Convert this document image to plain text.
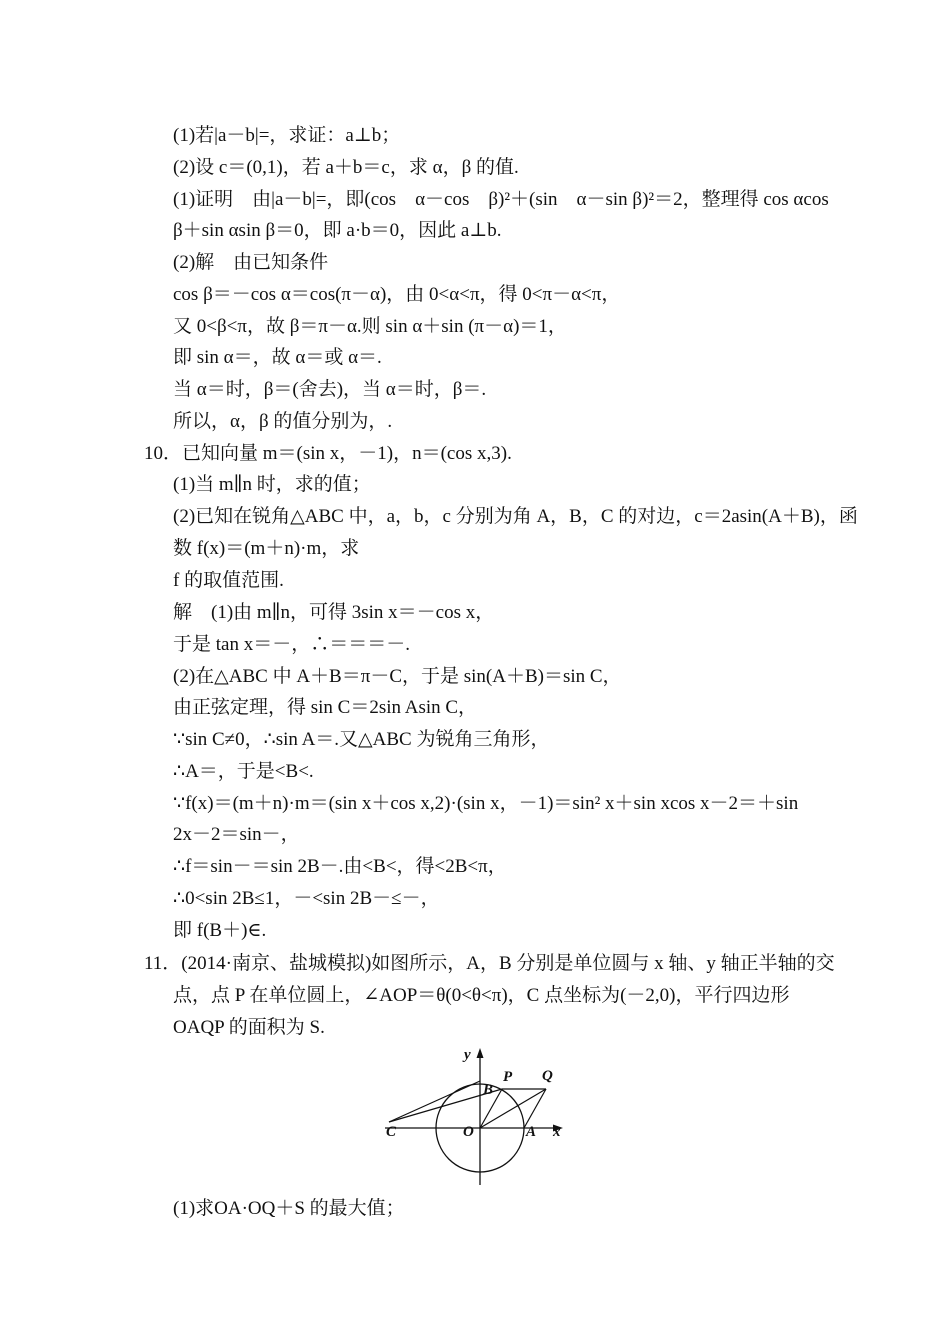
(1)若|a－b|=，求证：a⊥b；
(2)设 c＝(0,1)，若 a＋b＝c，求 α，β 的值.
(1)证明　由|a－b|=，即(cos　α－cos　β)²＋(sin　α－sin β)²＝2，整理得 cos αcos
β＋sin αsin β＝0，即 a·b＝0，因此 a⊥b.
(2)解　由已知条件
cos β＝－cos α＝cos(π－α)，由 0<α<π，得 0<π－α<π，
又 0<β<π，故 β＝π－α.则 sin α＋sin (π－α)＝1，
即 sin α＝，故 α＝或 α＝.
当 α＝时，β＝(舍去)，当 α＝时，β＝.
所以，α，β 的值分别为，.
10．已知向量 m＝(sin x，－1)，n＝(cos x,3).
(1)当 m∥n 时，求的值；
(2)已知在锐角△ABC 中，a，b，c 分别为角 A，B，C 的对边，c＝2asin(A＋B)，函
数 f(x)＝(m＋n)·m，求
f 的取值范围.
解　(1)由 m∥n，可得 3sin x＝－cos x，
于是 tan x＝－，∴＝＝＝－.
(2)在△ABC 中 A＋B＝π－C，于是 sin(A＋B)＝sin C，
由正弦定理，得 sin C＝2sin Asin C，
∵sin C≠0，∴sin A＝.又△ABC 为锐角三角形，
∴A＝，于是<B<.
∵f(x)＝(m＋n)·m＝(sin x＋cos x,2)·(sin x，－1)＝sin² x＋sin xcos x－2＝＋sin
2x－2＝sin－，
∴f＝sin－＝sin 2B－.由<B<，得<2B<π，
∴0<sin 2B≤1，－<sin 2B－≤－，
即 f(B＋)∈.
11．(2014·南京、盐城模拟)如图所示，A，B 分别是单位圆与 x 轴、y 轴正半轴的交
点，点 P 在单位圆上，∠AOP＝θ(0<θ<π)，C 点坐标为(－2,0)，平行四边形
OAQP 的面积为 S.
y
x
B
P Q
C	O	A
(1)求OA·OQ＋S 的最大值；
